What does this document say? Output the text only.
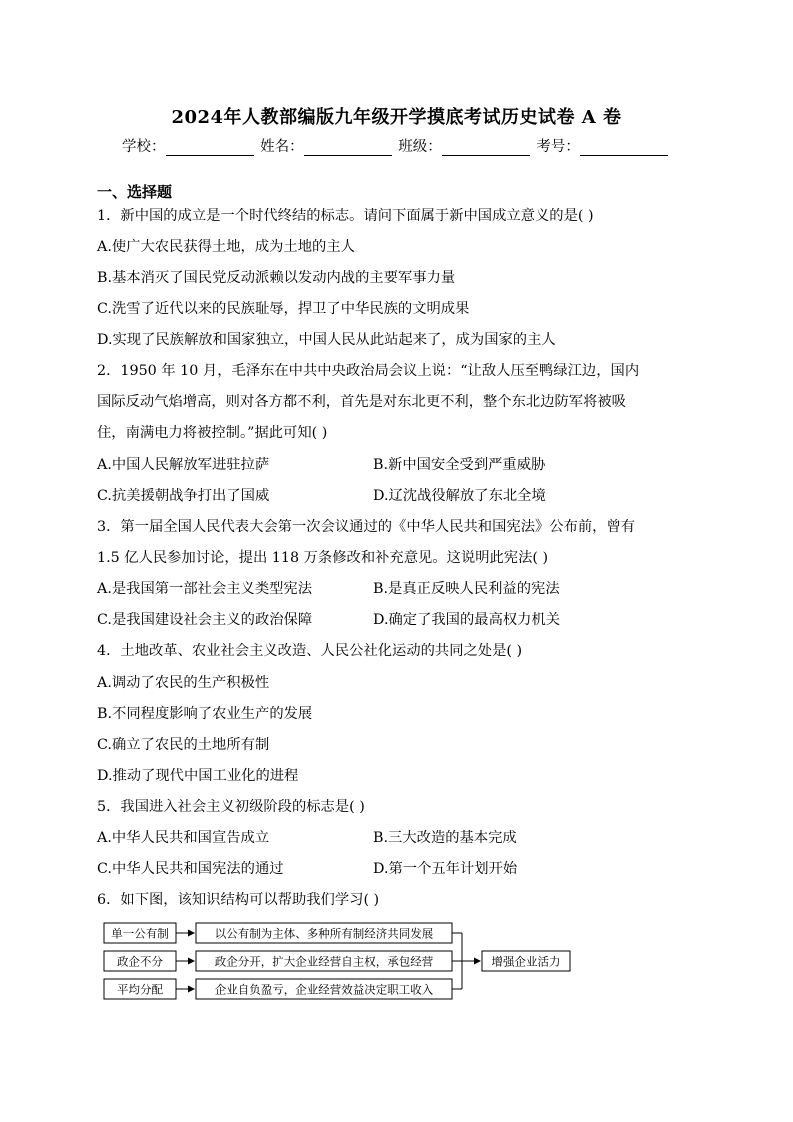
2024年人教部编版九年级开学摸底考试历史试卷 A 卷
学校：	姓名：	班级：	考号：
一、选择题
1．新中国的成立是一个时代终结的标志。请问下面属于新中国成立意义的是( )
A.使广大农民获得土地，成为土地的主人
B.基本消灭了国民党反动派赖以发动内战的主要军事力量
C.洗雪了近代以来的民族耻辱，捍卫了中华民族的文明成果
D.实现了民族解放和国家独立，中国人民从此站起来了，成为国家的主人
2．1950 年 10 月，毛泽东在中共中央政治局会议上说：“让敌人压至鸭绿江边，国内
国际反动气焰增高，则对各方都不利，首先是对东北更不利，整个东北边防军将被吸
住，南满电力将被控制。”据此可知( )
A.中国人民解放军进驻拉萨	B.新中国安全受到严重威胁
C.抗美援朝战争打出了国威	D.辽沈战役解放了东北全境
3．第一届全国人民代表大会第一次会议通过的《中华人民共和国宪法》公布前，曾有
1.5 亿人民参加讨论，提出 118 万条修改和补充意见。这说明此宪法( )
A.是我国第一部社会主义类型宪法	B.是真正反映人民利益的宪法
C.是我国建设社会主义的政治保障	D.确定了我国的最高权力机关
4．土地改革、农业社会主义改造、人民公社化运动的共同之处是( )
A.调动了农民的生产积极性
B.不同程度影响了农业生产的发展
C.确立了农民的土地所有制
D.推动了现代中国工业化的进程
5．我国进入社会主义初级阶段的标志是( )
A.中华人民共和国宣告成立	B.三大改造的基本完成
C.中华人民共和国宪法的通过	D.第一个五年计划开始
6．如下图，该知识结构可以帮助我们学习( )
单一公有制	以公有制为主体、多种所有制经济共同发展
政企不分	政企分开，扩大企业经营自主权，承包经营
平均分配	企业自负盈亏，企业经营效益决定职工收入
增强企业活力
